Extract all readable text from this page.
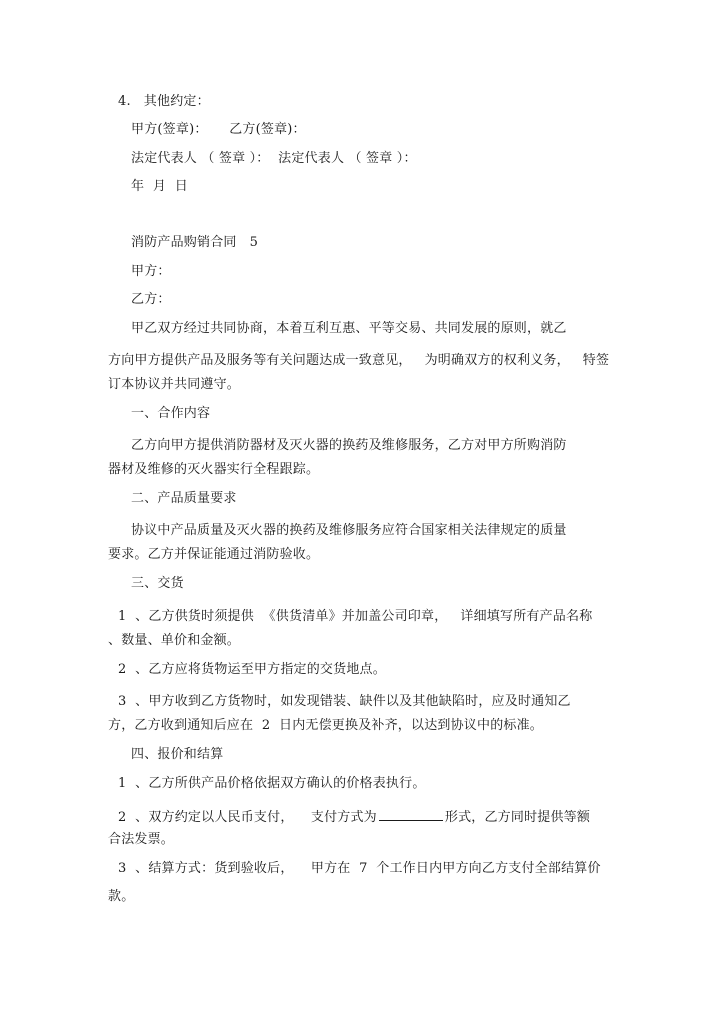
4.   其他约定：
甲方(签章)：     乙方(签章)：
法定代表人 （ 签章 ）：  法定代表人 （ 签章 ）：
年  月  日
消防产品购销合同   5
甲方：
乙方：
甲乙双方经过共同协商，本着互利互惠、平等交易、共同发展的原则，就乙
方向甲方提供产品及服务等有关问题达成一致意见，   为明确双方的权利义务，   特签
订本协议并共同遵守。
一、合作内容
乙方向甲方提供消防器材及灭火器的换药及维修服务，乙方对甲方所购消防
器材及维修的灭火器实行全程跟踪。
二、产品质量要求
协议中产品质量及灭火器的换药及维修服务应符合国家相关法律规定的质量
要求。乙方并保证能通过消防验收。
三、交货
1  、乙方供货时须提供  《供货清单》并加盖公司印章，   详细填写所有产品名称
、数量、单价和金额。
2  、乙方应将货物运至甲方指定的交货地点。
3  、甲方收到乙方货物时，如发现错装、缺件以及其他缺陷时，应及时通知乙
方，乙方收到通知后应在  2  日内无偿更换及补齐，以达到协议中的标准。
四、报价和结算
1  、乙方所供产品价格依据双方确认的价格表执行。
2  、双方约定以人民币支付，    支付方式为	形式，乙方同时提供等额
合法发票。
3  、结算方式：货到验收后，    甲方在  7  个工作日内甲方向乙方支付全部结算价
款。
